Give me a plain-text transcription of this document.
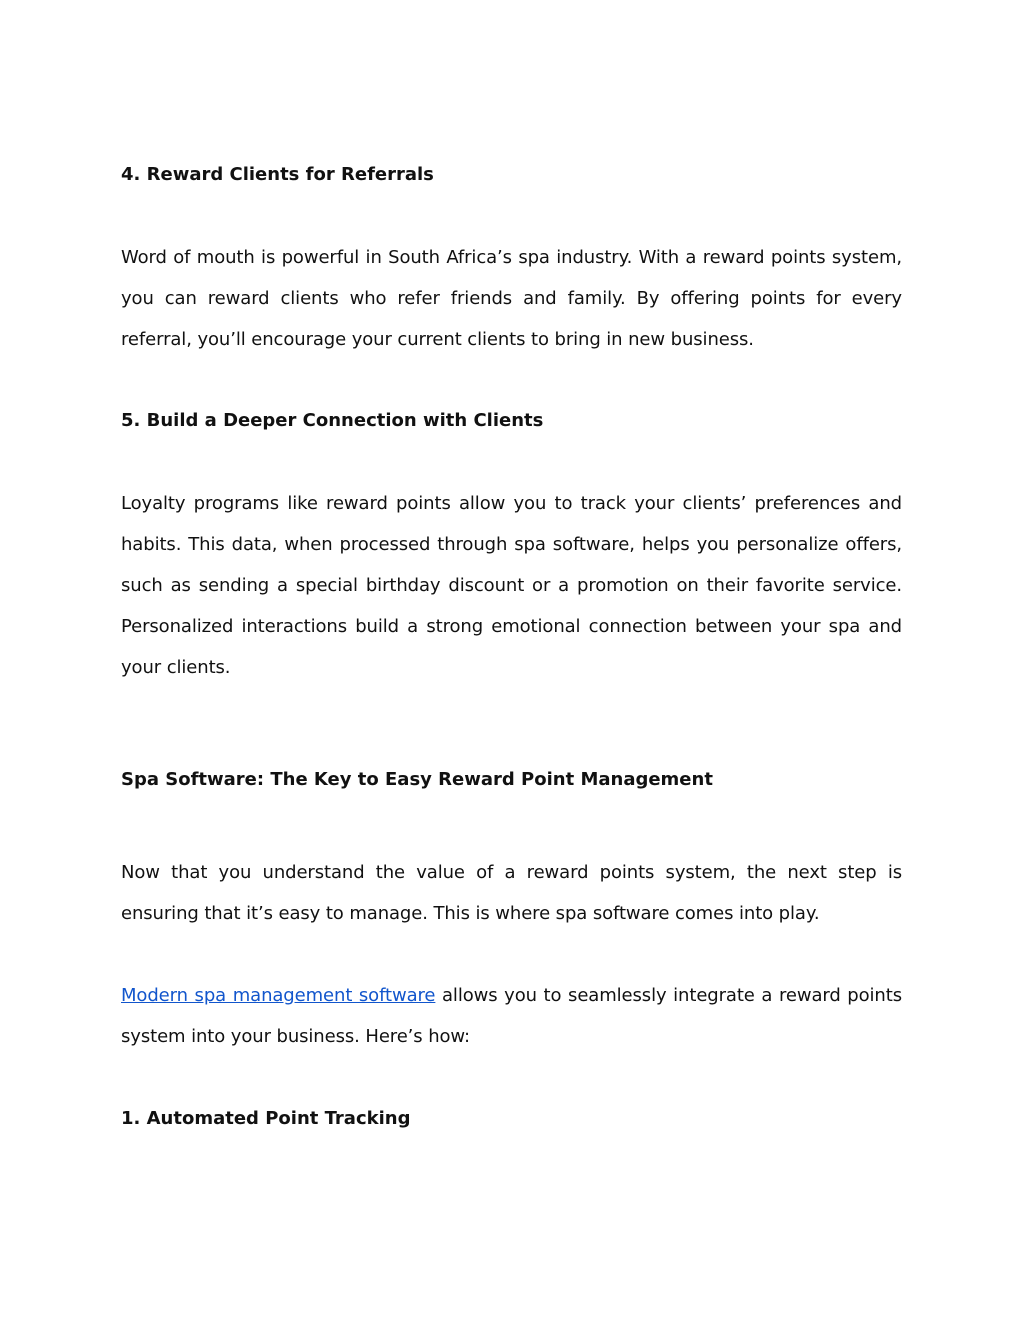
4. Reward Clients for Referrals

Word of mouth is powerful in South Africa’s spa industry. With a reward points system, you can reward clients who refer friends and family. By offering points for every referral, you’ll encourage your current clients to bring in new business.

5. Build a Deeper Connection with Clients

Loyalty programs like reward points allow you to track your clients’ preferences and habits. This data, when processed through spa software, helps you personalize offers, such as sending a special birthday discount or a promotion on their favorite service. Personalized interactions build a strong emotional connection between your spa and your clients.

Spa Software: The Key to Easy Reward Point Management

Now that you understand the value of a reward points system, the next step is ensuring that it’s easy to manage. This is where spa software comes into play.

Modern spa management software allows you to seamlessly integrate a reward points system into your business. Here’s how:

1. Automated Point Tracking
